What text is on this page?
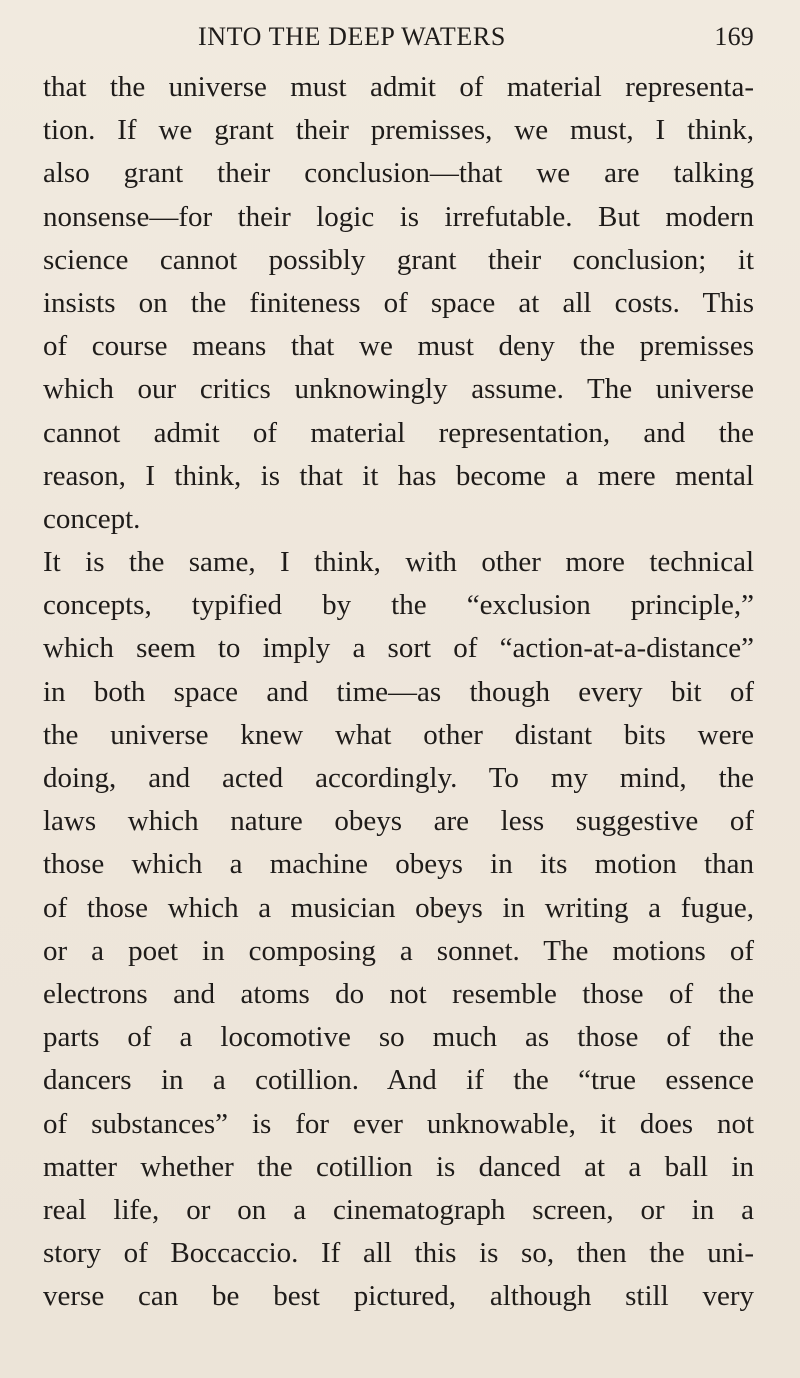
INTO THE DEEP WATERS	169
that the universe must admit of material representa-
tion. If we grant their premisses, we must, I think,
also grant their conclusion—that we are talking
nonsense—for their logic is irrefutable. But modern
science cannot possibly grant their conclusion; it
insists on the finiteness of space at all costs. This
of course means that we must deny the premisses
which our critics unknowingly assume. The universe
cannot admit of material representation, and the
reason, I think, is that it has become a mere mental
concept.
It is the same, I think, with other more technical
concepts, typified by the “exclusion principle,”
which seem to imply a sort of “action-at-a-distance”
in both space and time—as though every bit of
the universe knew what other distant bits were
doing, and acted accordingly. To my mind, the
laws which nature obeys are less suggestive of
those which a machine obeys in its motion than
of those which a musician obeys in writing a fugue,
or a poet in composing a sonnet. The motions of
electrons and atoms do not resemble those of the
parts of a locomotive so much as those of the
dancers in a cotillion. And if the “true essence
of substances” is for ever unknowable, it does not
matter whether the cotillion is danced at a ball in
real life, or on a cinematograph screen, or in a
story of Boccaccio. If all this is so, then the uni-
verse can be best pictured, although still very
